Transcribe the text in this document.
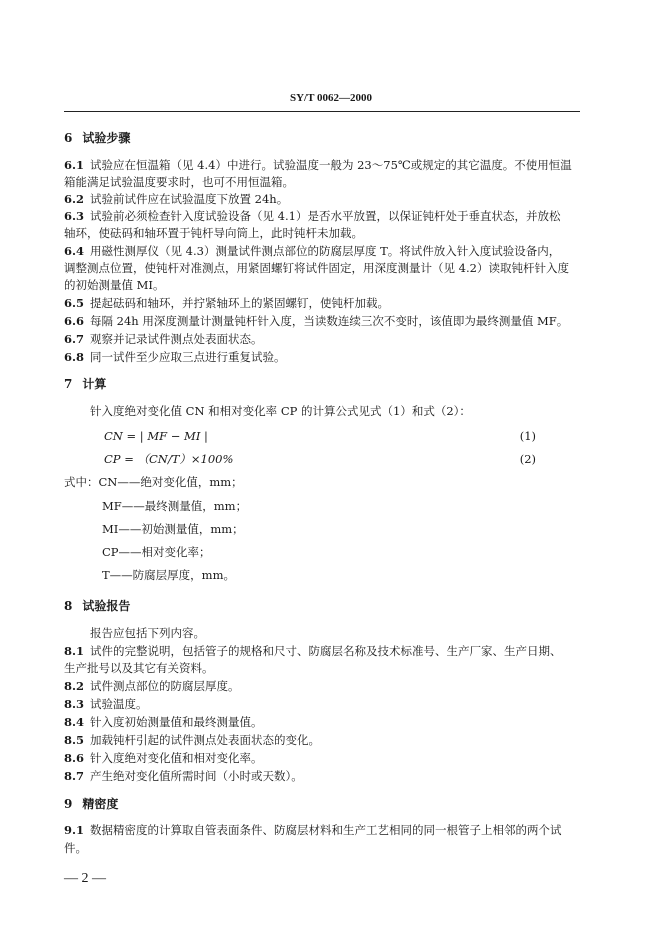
SY/T 0062—2000
6 试验步骤
6.1 试验应在恒温箱（见 4.4）中进行。试验温度一般为 23～75℃或规定的其它温度。不使用恒温
箱能满足试验温度要求时，也可不用恒温箱。
6.2 试验前试件应在试验温度下放置 24h。
6.3 试验前必须检查针入度试验设备（见 4.1）是否水平放置，以保证钝杆处于垂直状态，并放松
轴环，使砝码和轴环置于钝杆导向筒上，此时钝杆未加载。
6.4 用磁性测厚仪（见 4.3）测量试件测点部位的防腐层厚度 T。将试件放入针入度试验设备内，
调整测点位置，使钝杆对准测点，用紧固螺钉将试件固定，用深度测量计（见 4.2）读取钝杆针入度
的初始测量值 MI。
6.5 提起砝码和轴环，并拧紧轴环上的紧固螺钉，使钝杆加载。
6.6 每隔 24h 用深度测量计测量钝杆针入度，当读数连续三次不变时，该值即为最终测量值 MF。
6.7 观察并记录试件测点处表面状态。
6.8 同一试件至少应取三点进行重复试验。
7 计算
针入度绝对变化值 CN 和相对变化率 CP 的计算公式见式（1）和式（2）：
CN = | MF − MI |	(1)
CP = （CN/T）×100%	(2)
式中：CN——绝对变化值，mm；
MF——最终测量值，mm；
MI——初始测量值，mm；
CP——相对变化率；
T——防腐层厚度，mm。
8 试验报告
报告应包括下列内容。
8.1 试件的完整说明，包括管子的规格和尺寸、防腐层名称及技术标准号、生产厂家、生产日期、
生产批号以及其它有关资料。
8.2 试件测点部位的防腐层厚度。
8.3 试验温度。
8.4 针入度初始测量值和最终测量值。
8.5 加载钝杆引起的试件测点处表面状态的变化。
8.6 针入度绝对变化值和相对变化率。
8.7 产生绝对变化值所需时间（小时或天数）。
9 精密度
9.1 数据精密度的计算取自管表面条件、防腐层材料和生产工艺相同的同一根管子上相邻的两个试
件。
— 2 —
